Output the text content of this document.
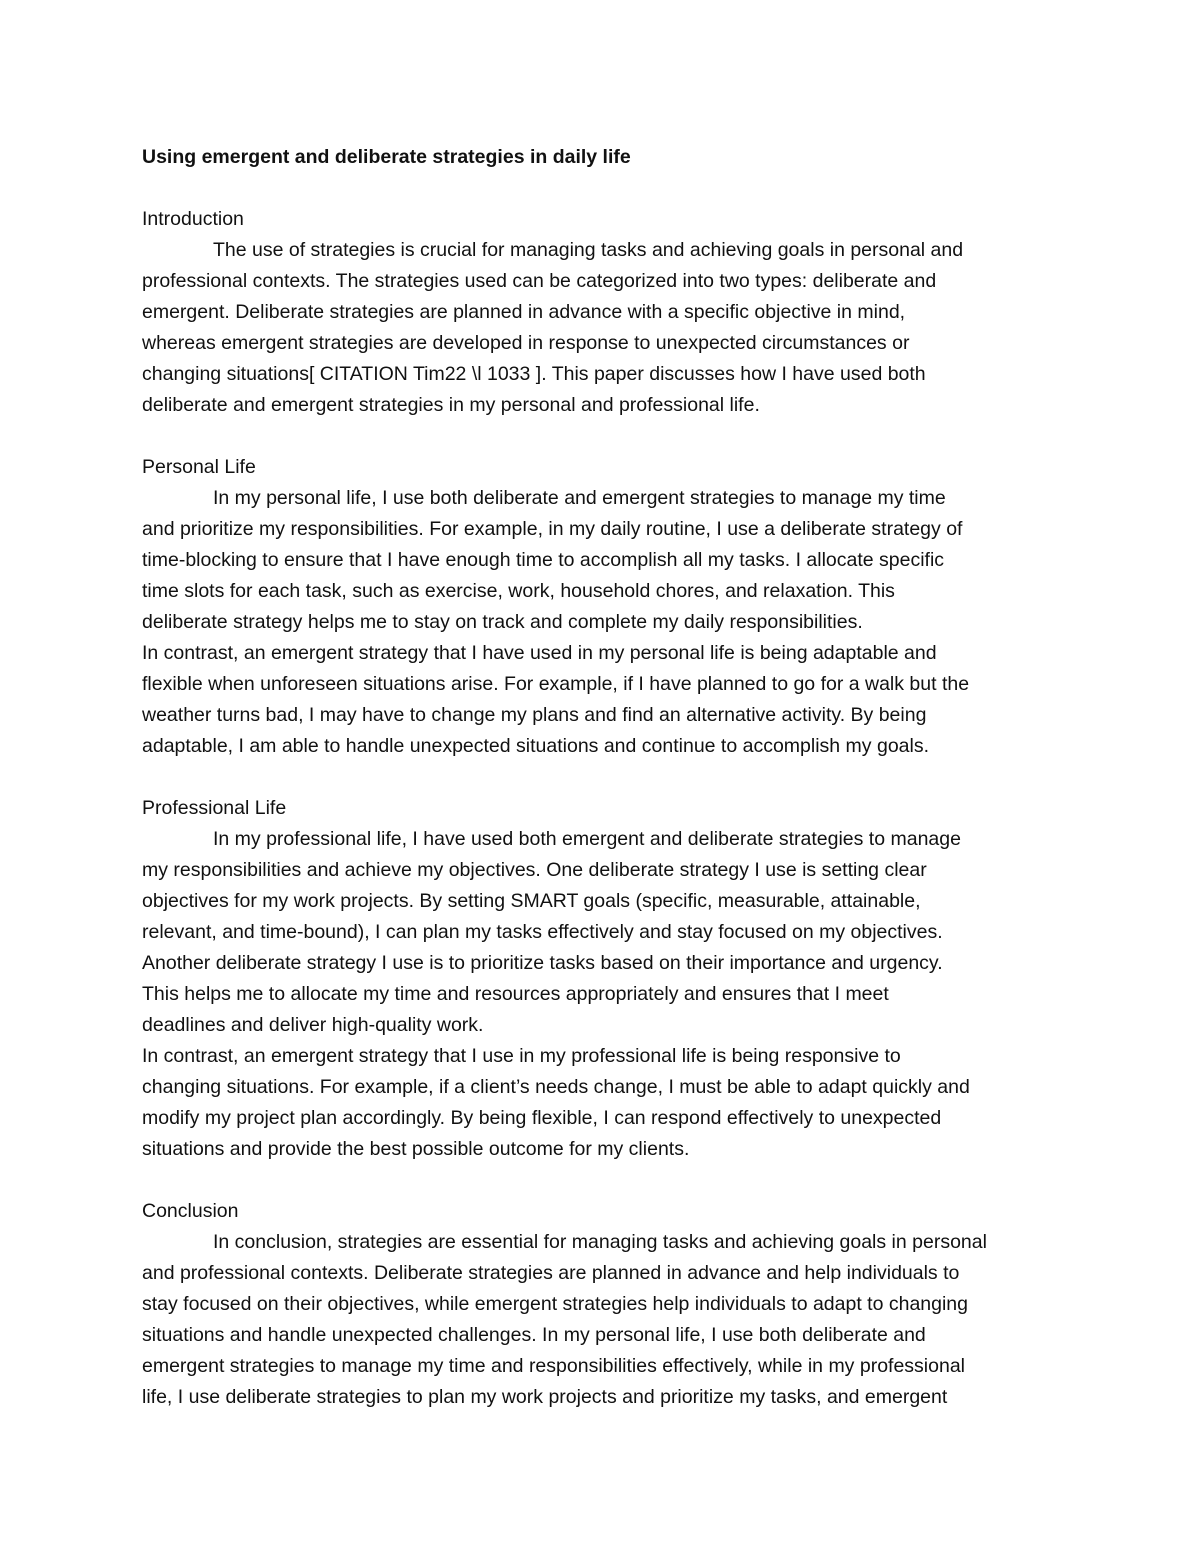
Using emergent and deliberate strategies in daily life

Introduction

The use of strategies is crucial for managing tasks and achieving goals in personal and

professional contexts. The strategies used can be categorized into two types: deliberate and

emergent. Deliberate strategies are planned in advance with a specific objective in mind,

whereas emergent strategies are developed in response to unexpected circumstances or

changing situations[ CITATION Tim22 \l 1033 ]. This paper discusses how I have used both

deliberate and emergent strategies in my personal and professional life.

Personal Life

In my personal life, I use both deliberate and emergent strategies to manage my time

and prioritize my responsibilities. For example, in my daily routine, I use a deliberate strategy of

time-blocking to ensure that I have enough time to accomplish all my tasks. I allocate specific

time slots for each task, such as exercise, work, household chores, and relaxation. This

deliberate strategy helps me to stay on track and complete my daily responsibilities.

In contrast, an emergent strategy that I have used in my personal life is being adaptable and

flexible when unforeseen situations arise. For example, if I have planned to go for a walk but the

weather turns bad, I may have to change my plans and find an alternative activity. By being

adaptable, I am able to handle unexpected situations and continue to accomplish my goals.

Professional Life

In my professional life, I have used both emergent and deliberate strategies to manage

my responsibilities and achieve my objectives. One deliberate strategy I use is setting clear

objectives for my work projects. By setting SMART goals (specific, measurable, attainable,

relevant, and time-bound), I can plan my tasks effectively and stay focused on my objectives.

Another deliberate strategy I use is to prioritize tasks based on their importance and urgency.

This helps me to allocate my time and resources appropriately and ensures that I meet

deadlines and deliver high-quality work.

In contrast, an emergent strategy that I use in my professional life is being responsive to

changing situations. For example, if a client’s needs change, I must be able to adapt quickly and

modify my project plan accordingly. By being flexible, I can respond effectively to unexpected

situations and provide the best possible outcome for my clients.

Conclusion

In conclusion, strategies are essential for managing tasks and achieving goals in personal

and professional contexts. Deliberate strategies are planned in advance and help individuals to

stay focused on their objectives, while emergent strategies help individuals to adapt to changing

situations and handle unexpected challenges. In my personal life, I use both deliberate and

emergent strategies to manage my time and responsibilities effectively, while in my professional

life, I use deliberate strategies to plan my work projects and prioritize my tasks, and emergent
